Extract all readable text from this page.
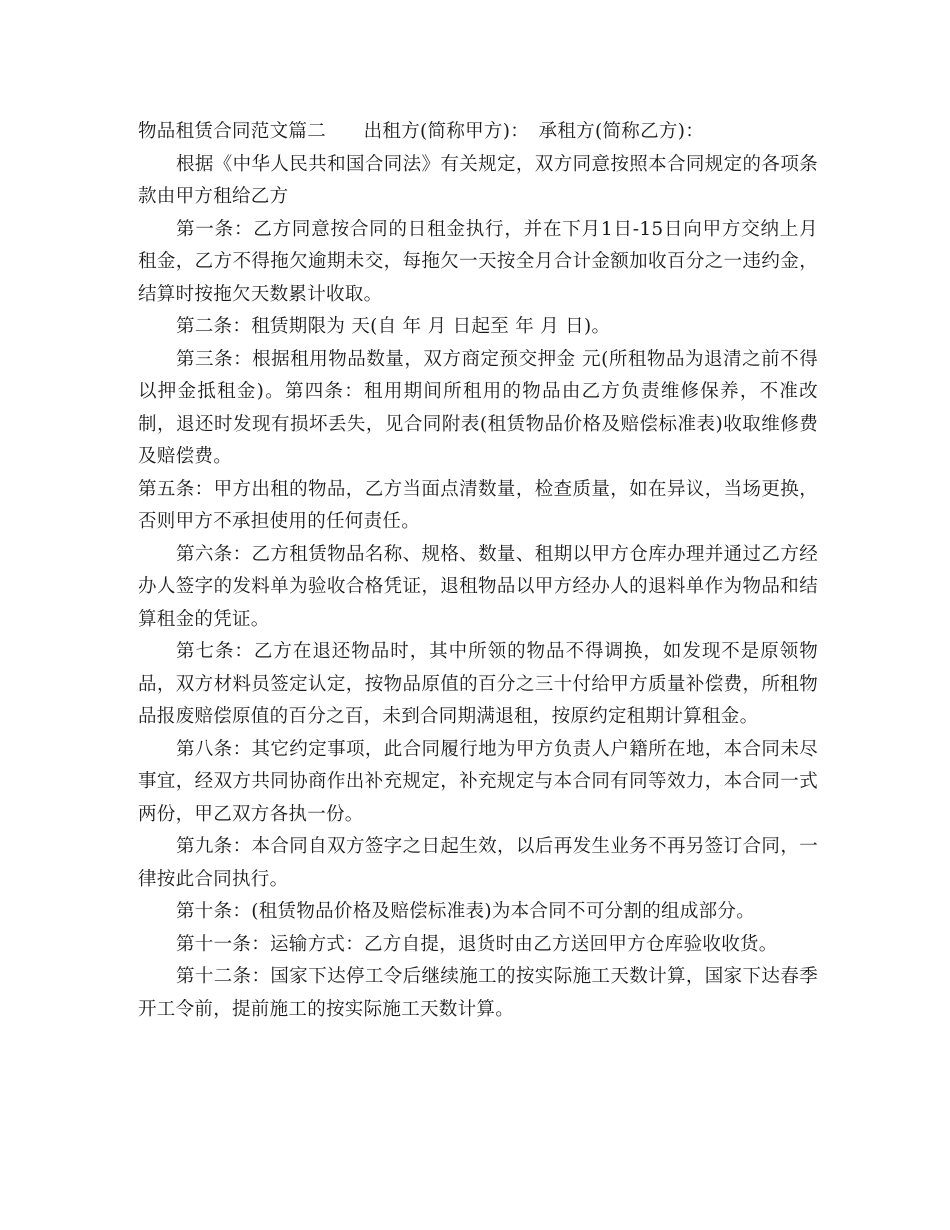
物品租赁合同范文篇二　　出租方(简称甲方)：　承租方(简称乙方)：

根据《中华人民共和国合同法》有关规定，双方同意按照本合同规定的各项条款由甲方租给乙方

第一条：乙方同意按合同的日租金执行，并在下月1日-15日向甲方交纳上月租金，乙方不得拖欠逾期未交，每拖欠一天按全月合计金额加收百分之一违约金，结算时按拖欠天数累计收取。

第二条：租赁期限为 天(自 年 月 日起至 年 月 日)。

第三条：根据租用物品数量，双方商定预交押金 元(所租物品为退清之前不得以押金抵租金)。第四条：租用期间所租用的物品由乙方负责维修保养，不准改制，退还时发现有损坏丢失，见合同附表(租赁物品价格及赔偿标准表)收取维修费及赔偿费。

第五条：甲方出租的物品，乙方当面点清数量，检查质量，如在异议，当场更换，否则甲方不承担使用的任何责任。

第六条：乙方租赁物品名称、规格、数量、租期以甲方仓库办理并通过乙方经办人签字的发料单为验收合格凭证，退租物品以甲方经办人的退料单作为物品和结算租金的凭证。

第七条：乙方在退还物品时，其中所领的物品不得调换，如发现不是原领物品，双方材料员签定认定，按物品原值的百分之三十付给甲方质量补偿费，所租物品报废赔偿原值的百分之百，未到合同期满退租，按原约定租期计算租金。

第八条：其它约定事项，此合同履行地为甲方负责人户籍所在地，本合同未尽事宜，经双方共同协商作出补充规定，补充规定与本合同有同等效力，本合同一式两份，甲乙双方各执一份。

第九条：本合同自双方签字之日起生效，以后再发生业务不再另签订合同，一律按此合同执行。

第十条：(租赁物品价格及赔偿标准表)为本合同不可分割的组成部分。

第十一条：运输方式：乙方自提，退货时由乙方送回甲方仓库验收收货。

第十二条：国家下达停工令后继续施工的按实际施工天数计算，国家下达春季开工令前，提前施工的按实际施工天数计算。
